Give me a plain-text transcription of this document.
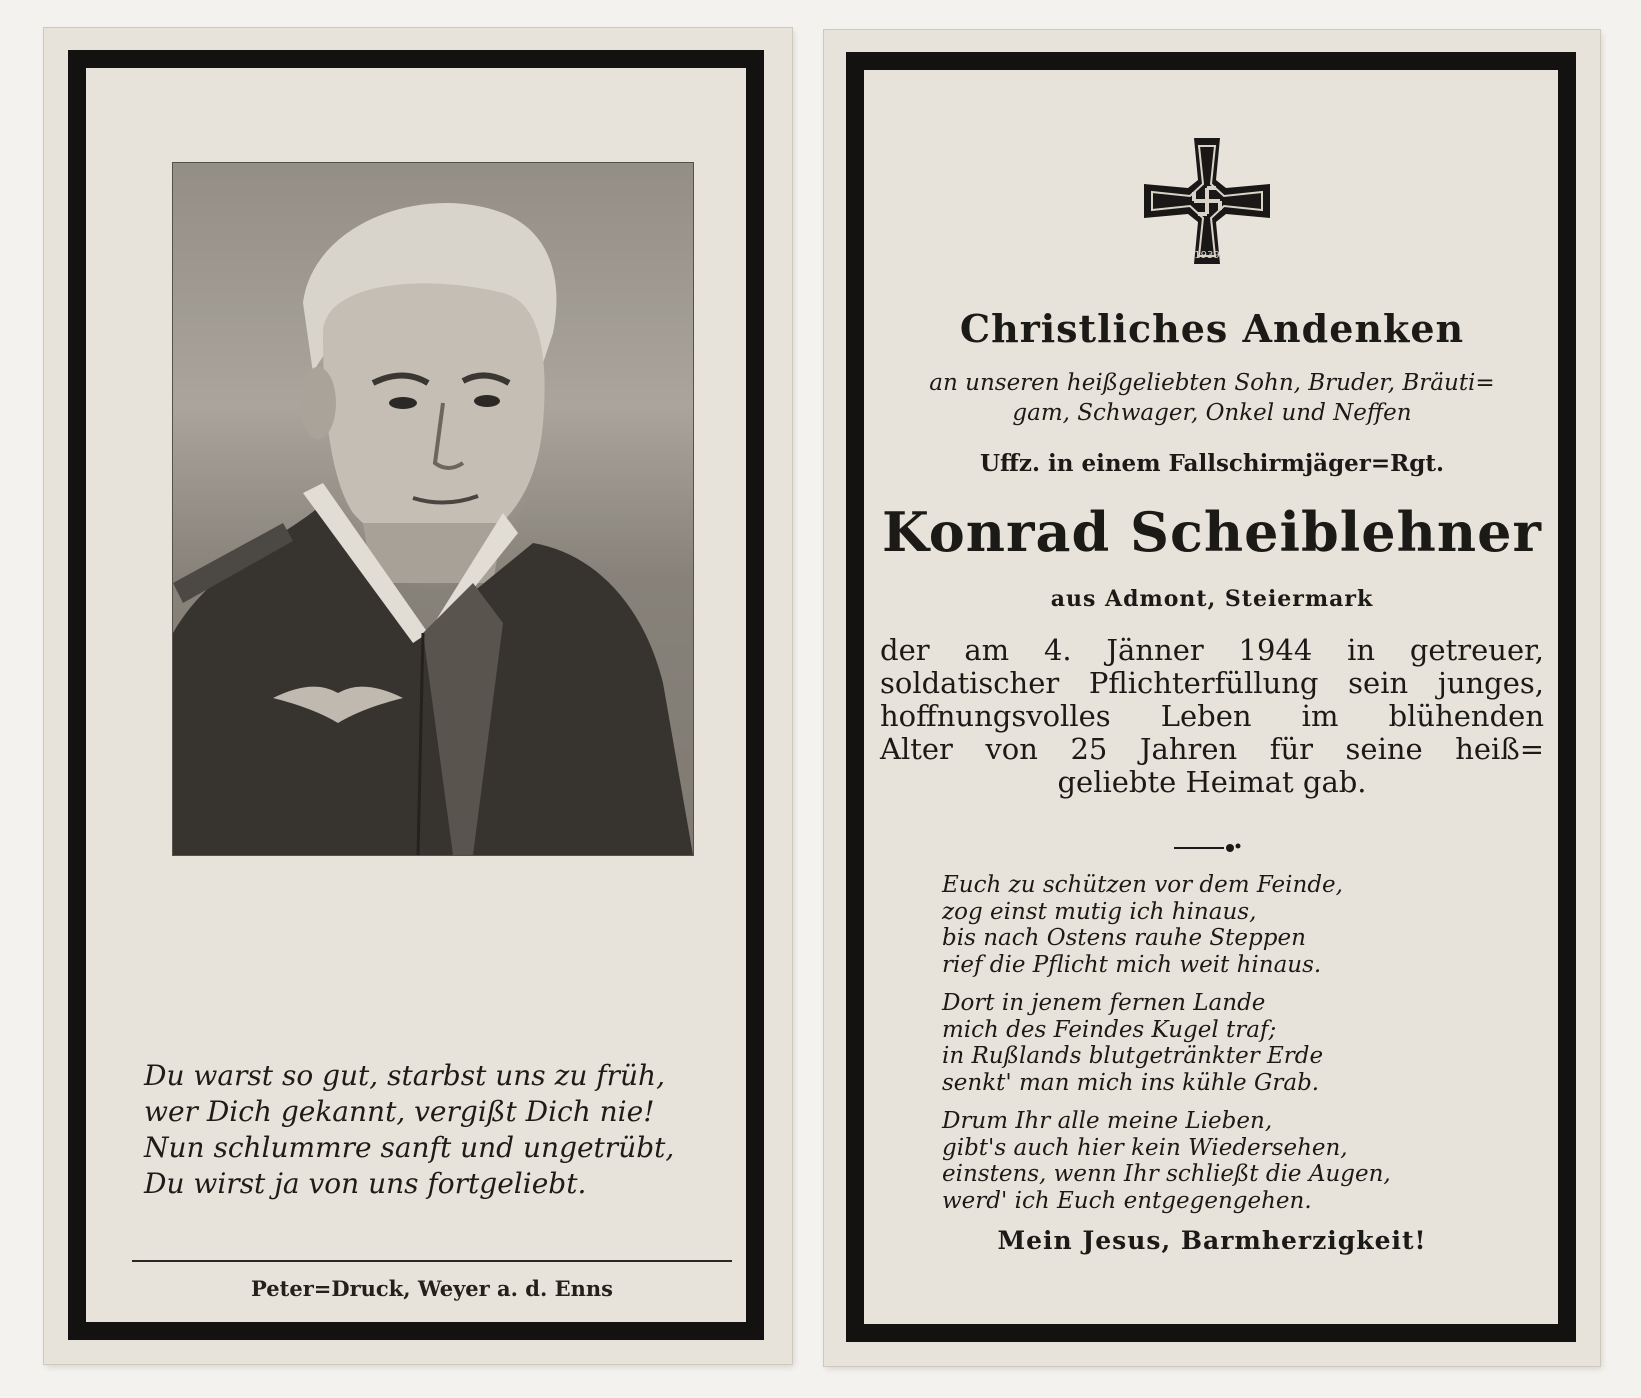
Du warst so gut, starbst uns zu früh,
wer Dich gekannt, vergißt Dich nie!
Nun schlummre sanft und ungetrübt,
Du wirst ja von uns fortgeliebt.
Peter=Druck, Weyer a. d. Enns
1939
Christliches Andenken
an unseren heißgeliebten Sohn, Bruder, Bräuti=
gam, Schwager, Onkel und Neffen
Uffz. in einem Fallschirmjäger=Rgt.
Konrad Scheiblehner
aus Admont, Steiermark
der am 4. Jänner 1944 in getreuer,
soldatischer Pflichterfüllung sein junges,
hoffnungsvolles Leben im blühenden
Alter von 25 Jahren für seine heiß=
geliebte Heimat gab.
Euch zu schützen vor dem Feinde,
zog einst mutig ich hinaus,
bis nach Ostens rauhe Steppen
rief die Pflicht mich weit hinaus.
Dort in jenem fernen Lande
mich des Feindes Kugel traf;
in Rußlands blutgetränkter Erde
senkt' man mich ins kühle Grab.
Drum Ihr alle meine Lieben,
gibt's auch hier kein Wiedersehen,
einstens, wenn Ihr schließt die Augen,
werd' ich Euch entgegengehen.
Mein Jesus, Barmherzigkeit!
